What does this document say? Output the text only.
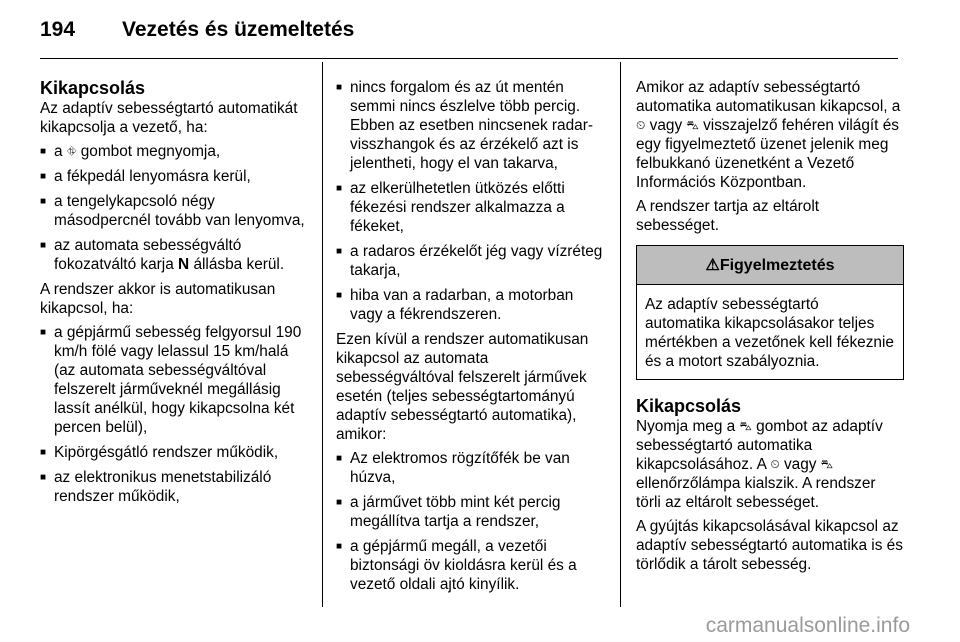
194	Vezetés és üzemeltetés
Kikapcsolás

Az adaptív sebességtartó automatikát kikapcsolja a vezető, ha:

■ a ⛗ gombot megnyomja,
■ a fékpedál lenyomásra kerül,
■ a tengelykapcsoló négy másodpercnél tovább van lenyomva,
■ az automata sebességváltó fokozatváltó karja N állásba kerül.

A rendszer akkor is automatikusan kikapcsol, ha:

■ a gépjármű sebesség felgyorsul 190 km/h fölé vagy lelassul 15 km/halá (az automata sebességváltóval felszerelt járműveknél megállásig lassít anélkül, hogy kikapcsolna két percen belül),
■ Kipörgésgátló rendszer működik,
■ az elektronikus menetstabilizáló rendszer működik,
■ nincs forgalom és az út mentén semmi nincs észlelve több percig. Ebben az esetben nincsenek radar-visszhangok és az érzékelő azt is jelentheti, hogy el van takarva,
■ az elkerülhetetlen ütközés előtti fékezési rendszer alkalmazza a fékeket,
■ a radaros érzékelőt jég vagy vízréteg takarja,
■ hiba van a radarban, a motorban vagy a fékrendszeren.

Ezen kívül a rendszer automatikusan kikapcsol az automata sebességváltóval felszerelt járművek esetén (teljes sebességtartományú adaptív sebességtartó automatika), amikor:

■ Az elektromos rögzítőfék be van húzva,
■ a járművet több mint két percig megállítva tartja a rendszer,
■ a gépjármű megáll, a vezetői biztonsági öv kioldásra kerül és a vezető oldali ajtó kinyílik.

Amikor az adaptív sebességtartó automatika automatikusan kikapcsol, a ⏲ vagy ⛍ visszajelző fehéren világít és egy figyelmeztető üzenet jelenik meg felbukkanó üzenetként a Vezető Információs Központban.

A rendszer tartja az eltárolt sebességet.

⚠Figyelmeztetés
Az adaptív sebességtartó automatika kikapcsolásakor teljes mértékben a vezetőnek kell fékeznie és a motort szabályoznia.
Kikapcsolás

Nyomja meg a ⛍ gombot az adaptív sebességtartó automatika kikapcsolásához. A ⏲ vagy ⛍ ellenőrzőlámpa kialszik. A rendszer törli az eltárolt sebességet.

A gyújtás kikapcsolásával kikapcsol az adaptív sebességtartó automatika is és törlődik a tárolt sebesség.

carmanualsonline.info
